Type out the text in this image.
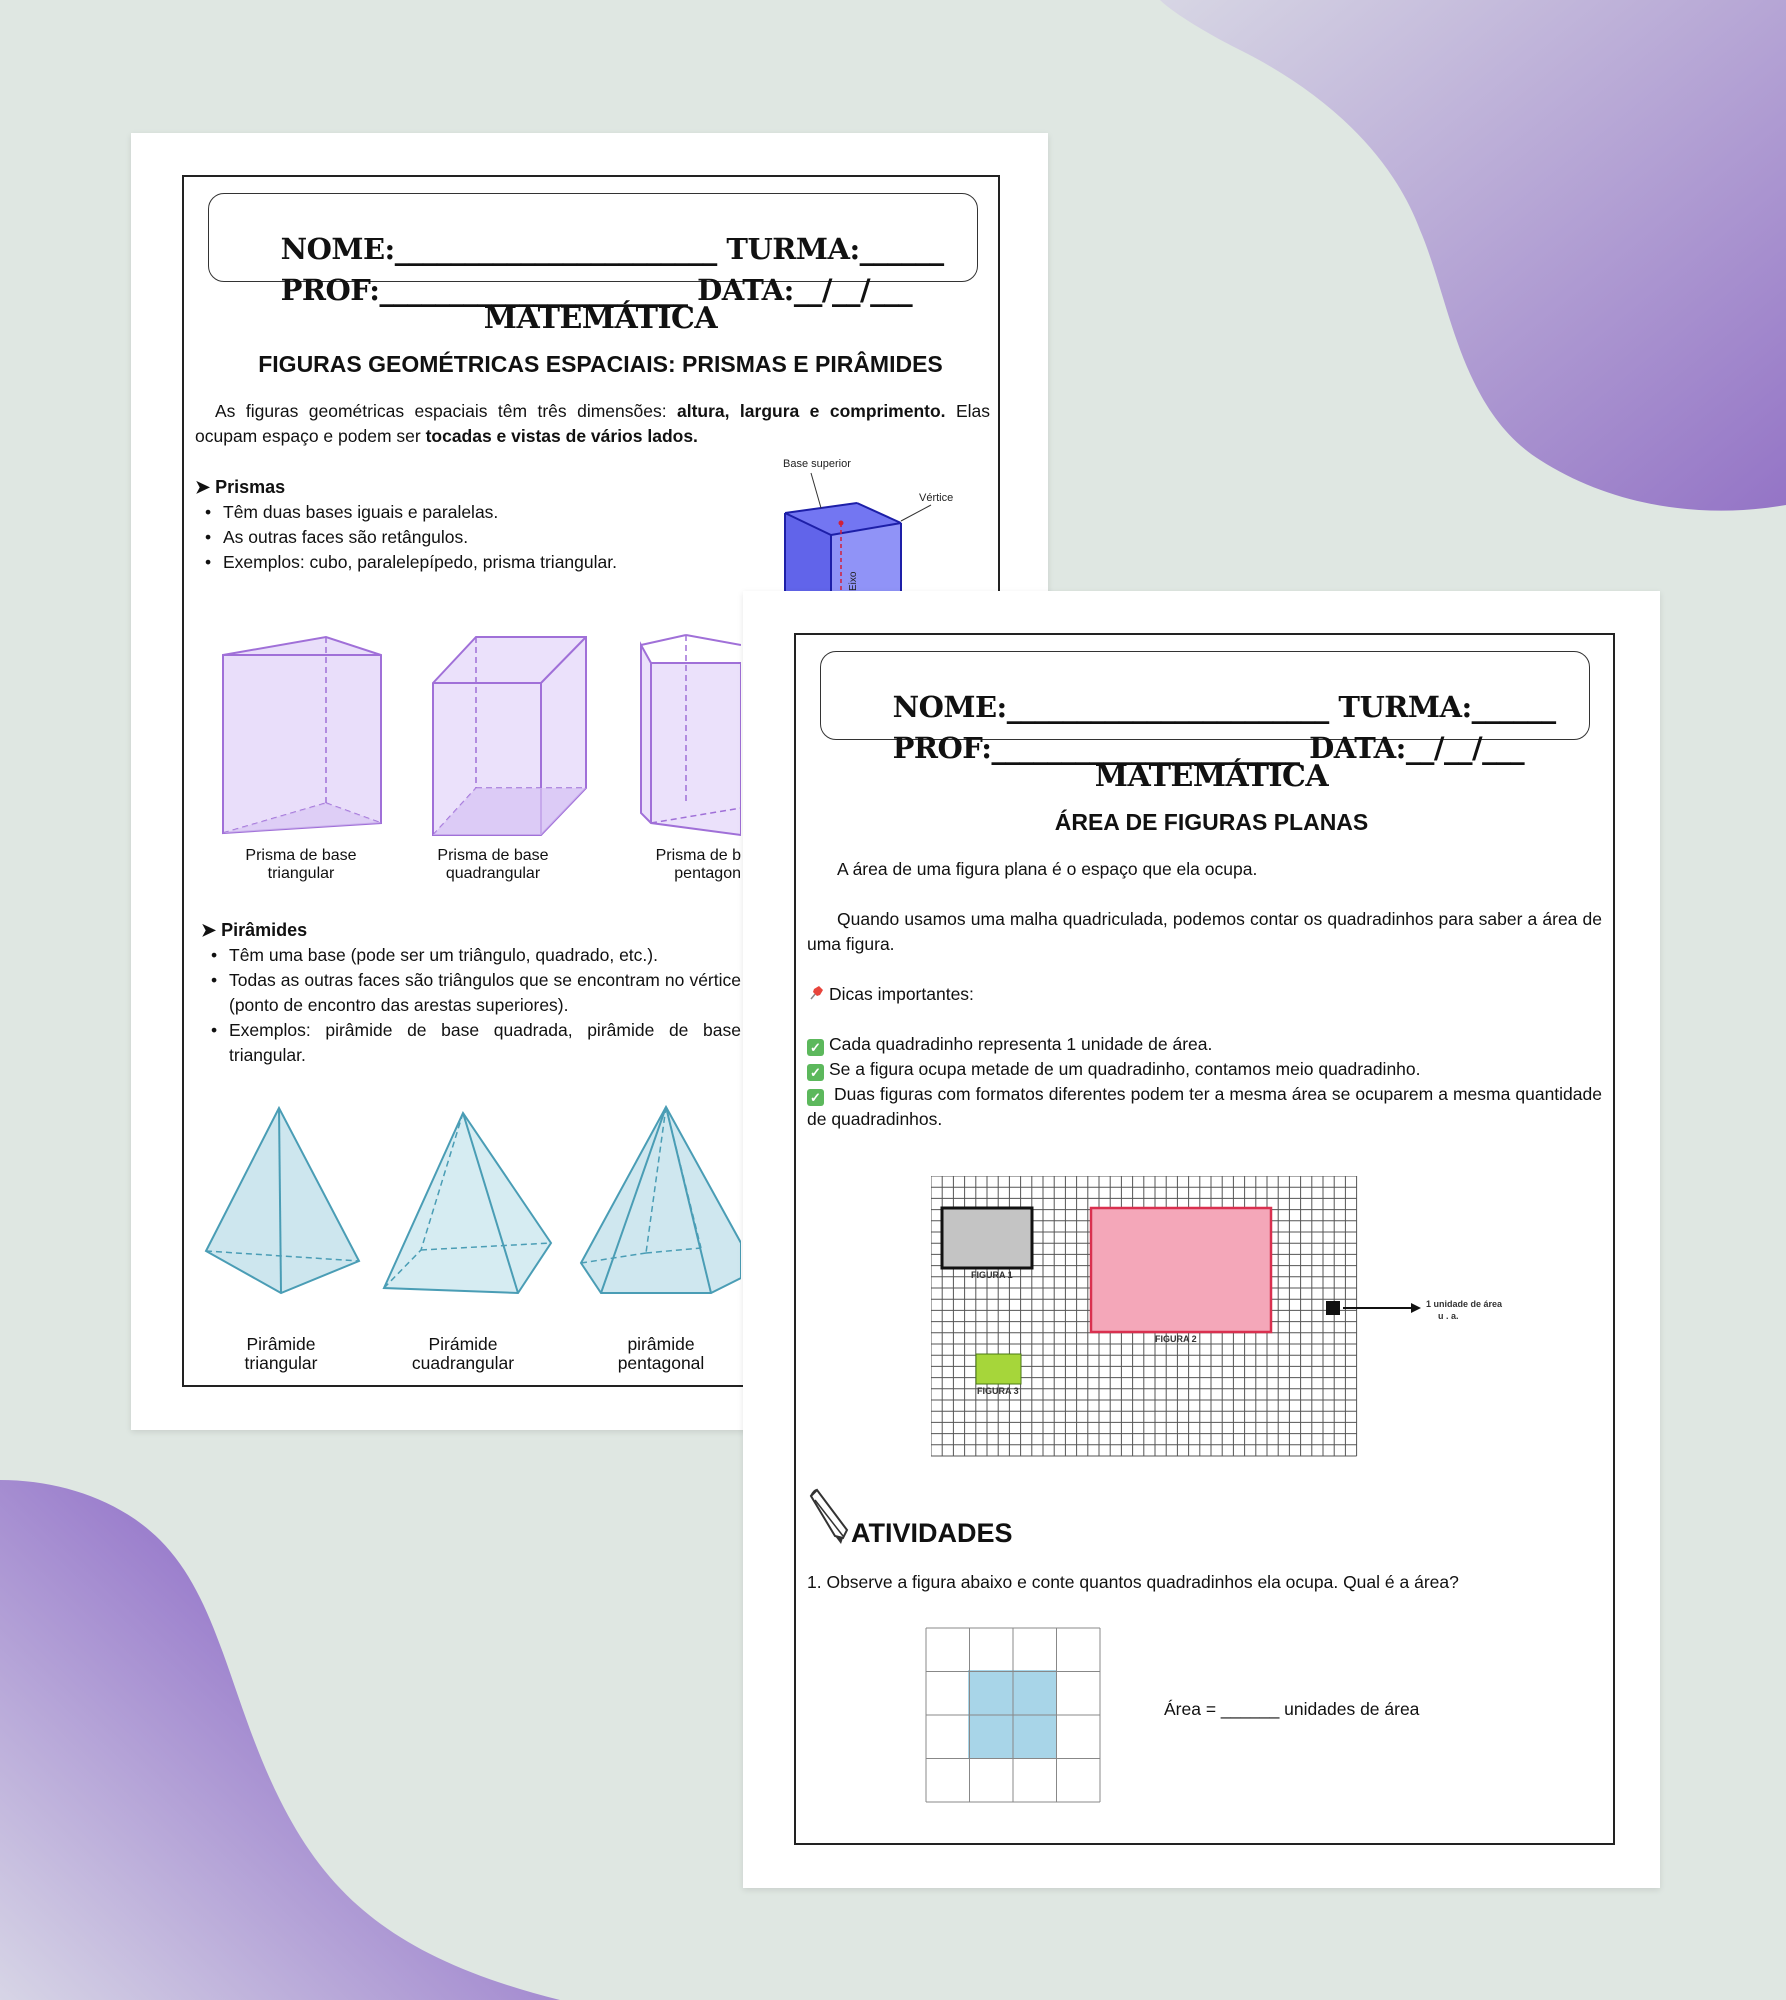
NOME:_______________________ TURMA:______

PROF:______________________ DATA:__/__/___

MATEMÁTICA
FIGURAS GEOMÉTRICAS ESPACIAIS: PRISMAS E PIRÂMIDES
As figuras geométricas espaciais têm três dimensões: altura, largura e comprimento. Elas ocupam espaço e podem ser tocadas e vistas de vários lados.
➤ Prismas
• Têm duas bases iguais e paralelas.
• As outras faces são retângulos.
• Exemplos: cubo, paralelepípedo, prisma triangular.
Base superior
Vértice
Eixo
Prisma de base
triangular
Prisma de base
quadrangular
Prisma de b
pentagon
➤ Pirâmides
• Têm uma base (pode ser um triângulo, quadrado, etc.).
• Todas as outras faces são triângulos que se encontram no vértice (ponto de encontro das arestas superiores).
• Exemplos: pirâmide de base quadrada, pirâmide de base triangular.
Pirâmide
triangular
Pirámide
cuadrangular
pirâmide
pentagonal

NOME:_______________________ TURMA:______

PROF:______________________ DATA:__/__/___

MATEMÁTICA
ÁREA DE FIGURAS PLANAS
A área de uma figura plana é o espaço que ela ocupa.
Quando usamos uma malha quadriculada, podemos contar os quadradinhos para saber a área de uma figura.
Dicas importantes:
✓ Cada quadradinho representa 1 unidade de área.
✓ Se a figura ocupa metade de um quadradinho, contamos meio quadradinho.
✓ Duas figuras com formatos diferentes podem ter a mesma área se ocuparem a mesma quantidade de quadradinhos.
FIGURA 1
FIGURA 2
FIGURA 3
1 unidade de área
u . a.
ATIVIDADES
1. Observe a figura abaixo e conte quantos quadradinhos ela ocupa. Qual é a área?
Área = ______ unidades de área
